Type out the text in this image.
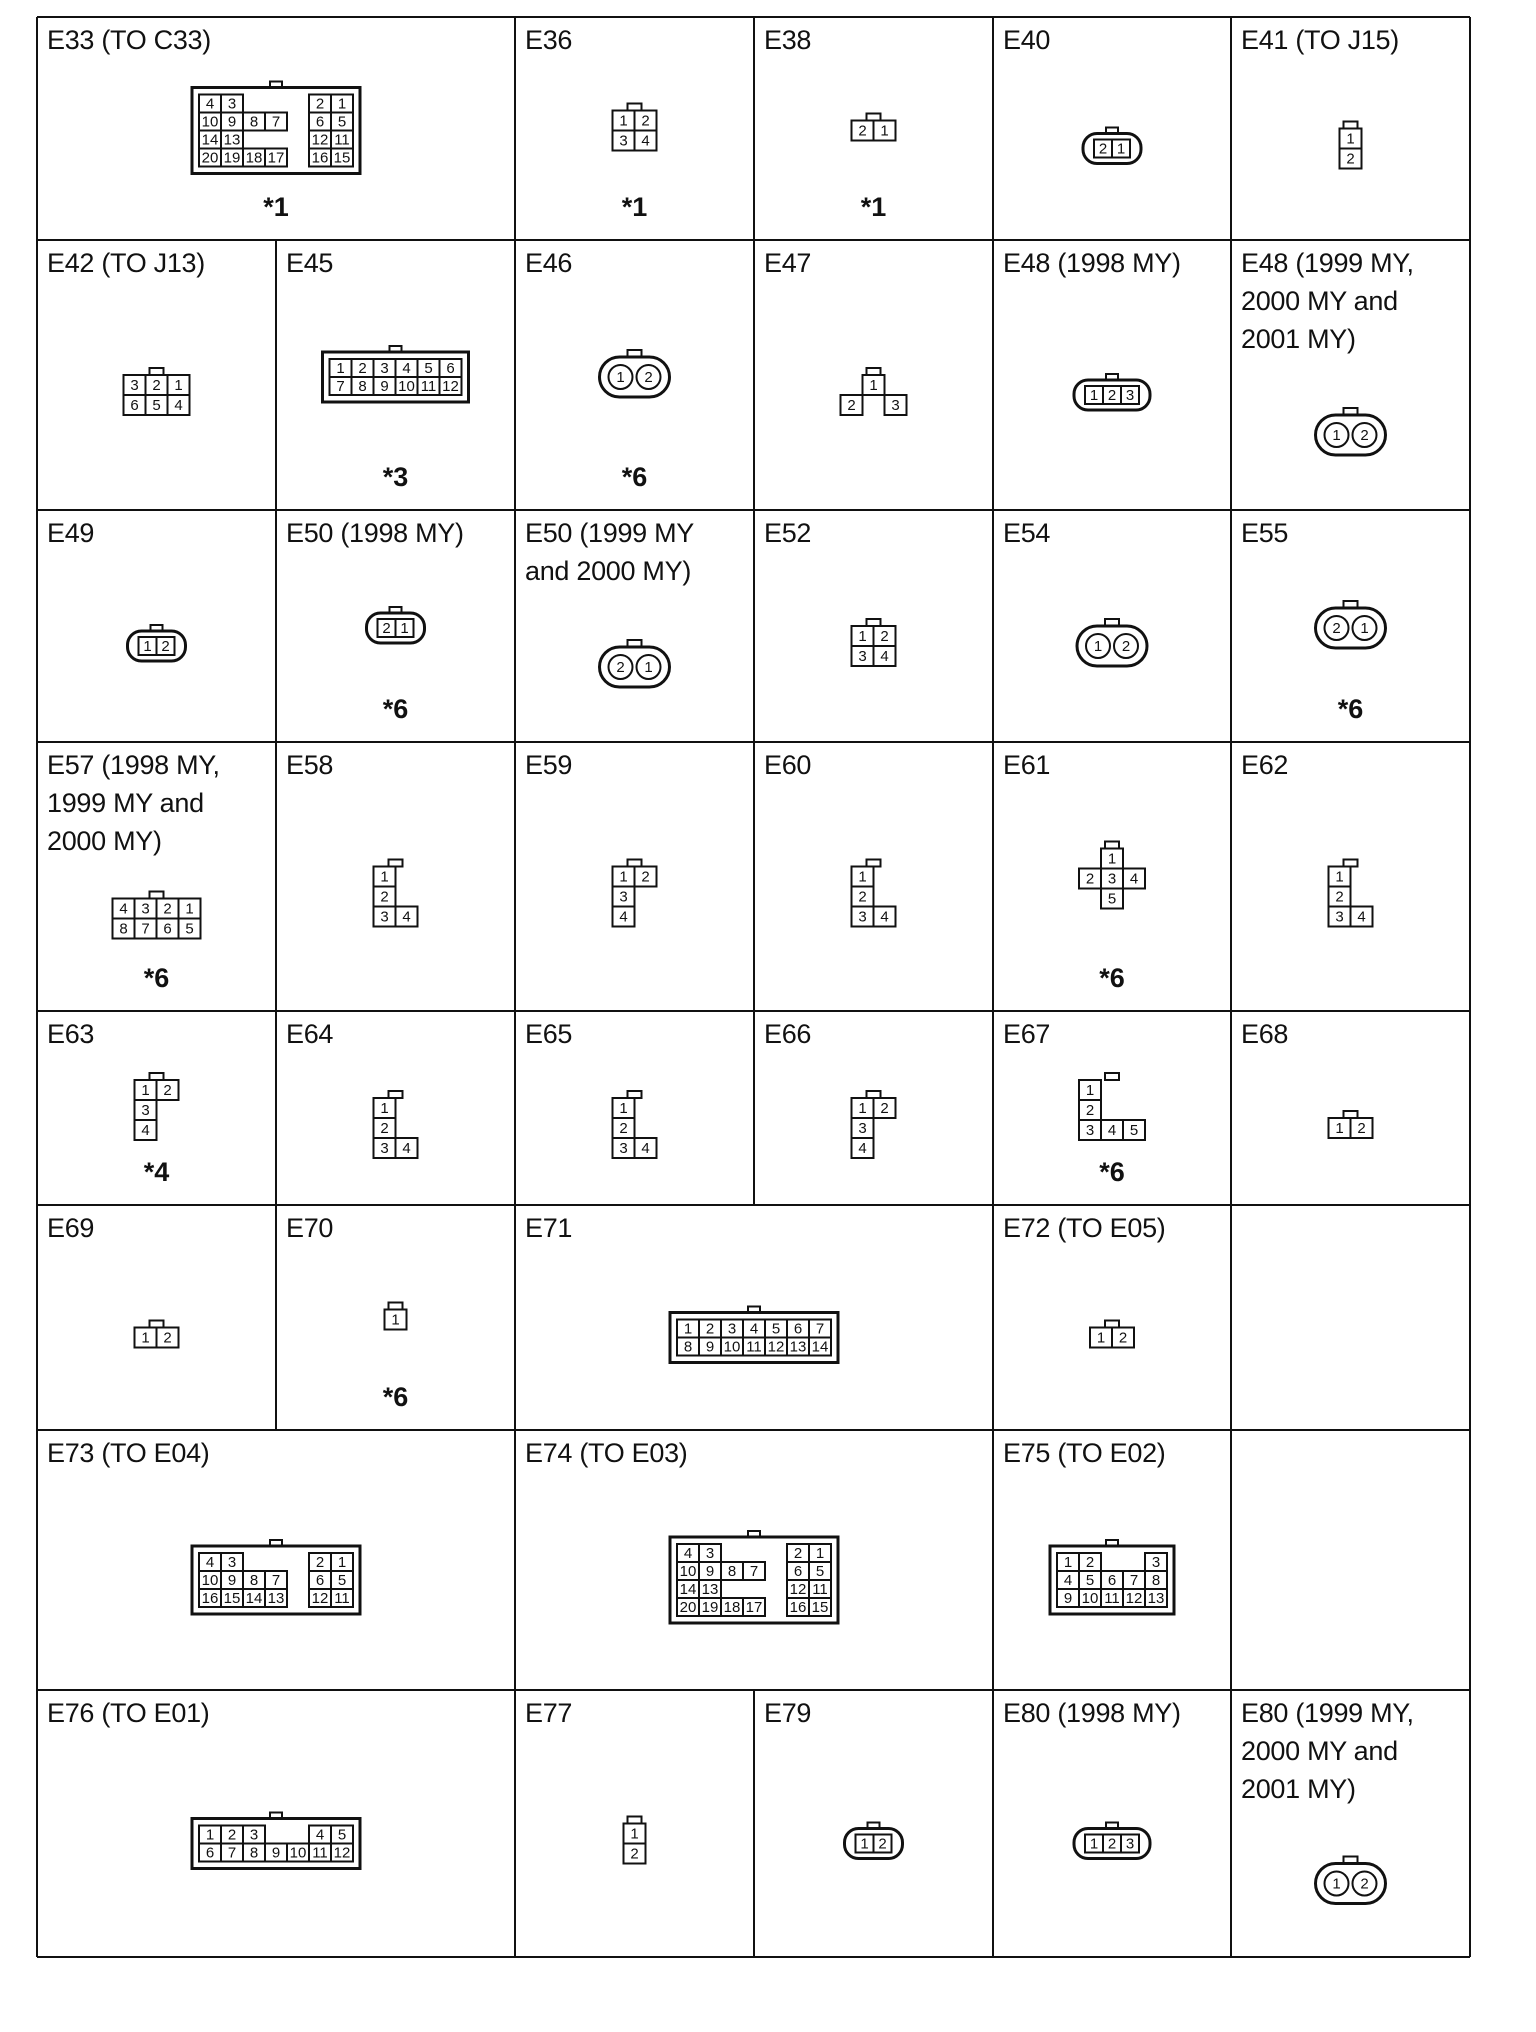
E33 (TO C33)
*1
4 3	2 1
10 9 8 7 6 5
14 13	12 11
20 19 18 17 16 15
E36
*1
1 2
3 4
E38
*1
2 1
E40
2 1
E41 (TO J15)
1
2
E42 (TO J13)
3 2 1
6 5 4
E45
*3
1 2 3 4 5 6
7 8 9 10 11 12
E46
*6
1 2
E47
1
2 3
E48 (1998 MY)
1 2 3
E48 (1999 MY,
2000 MY and
2001 MY)
1 2
E49
1 2
E50 (1998 MY)
*6
2 1
E50 (1999 MY
and 2000 MY)
2 1
E52
1 2
3 4
E54
1 2
E55
*6
2 1
E57 (1998 MY,
1999 MY and
2000 MY)
*6
4 3 2 1
8 7 6 5
E58
1
2
3 4
E59
1 2
3
4
E60
1
2
3 4
E61
*6
1
2 3 4
5
E62
1
2
3 4
E63
*4
1 2
3
4
E64
1
2
3 4
E65
1
2
3 4
E66
1 2
3
4
E67
*6
1
2
3 4 5
E68
1 2
E69
1 2
E70
*6
1
E71
1 2 3 4 5 6 7
8 9 10 11 12 13 14
E72 (TO E05)
1 2
E73 (TO E04)
4 3	2 1
10 9 8 7 6 5
16 15 14 13 12 11
E74 (TO E03)
4 3	2 1
10 9 8 7 6 5
14 13	12 11
20 19 18 17 16 15
E75 (TO E02)
1 2	3
4 5 6 7 8
9 10 11 12 13
E76 (TO E01)
1 2 3	4 5
6 7 8 9 10 11 12
E77
1
2
E79
1 2
E80 (1998 MY)
1 2 3
E80 (1999 MY,
2000 MY and
2001 MY)
1 2
